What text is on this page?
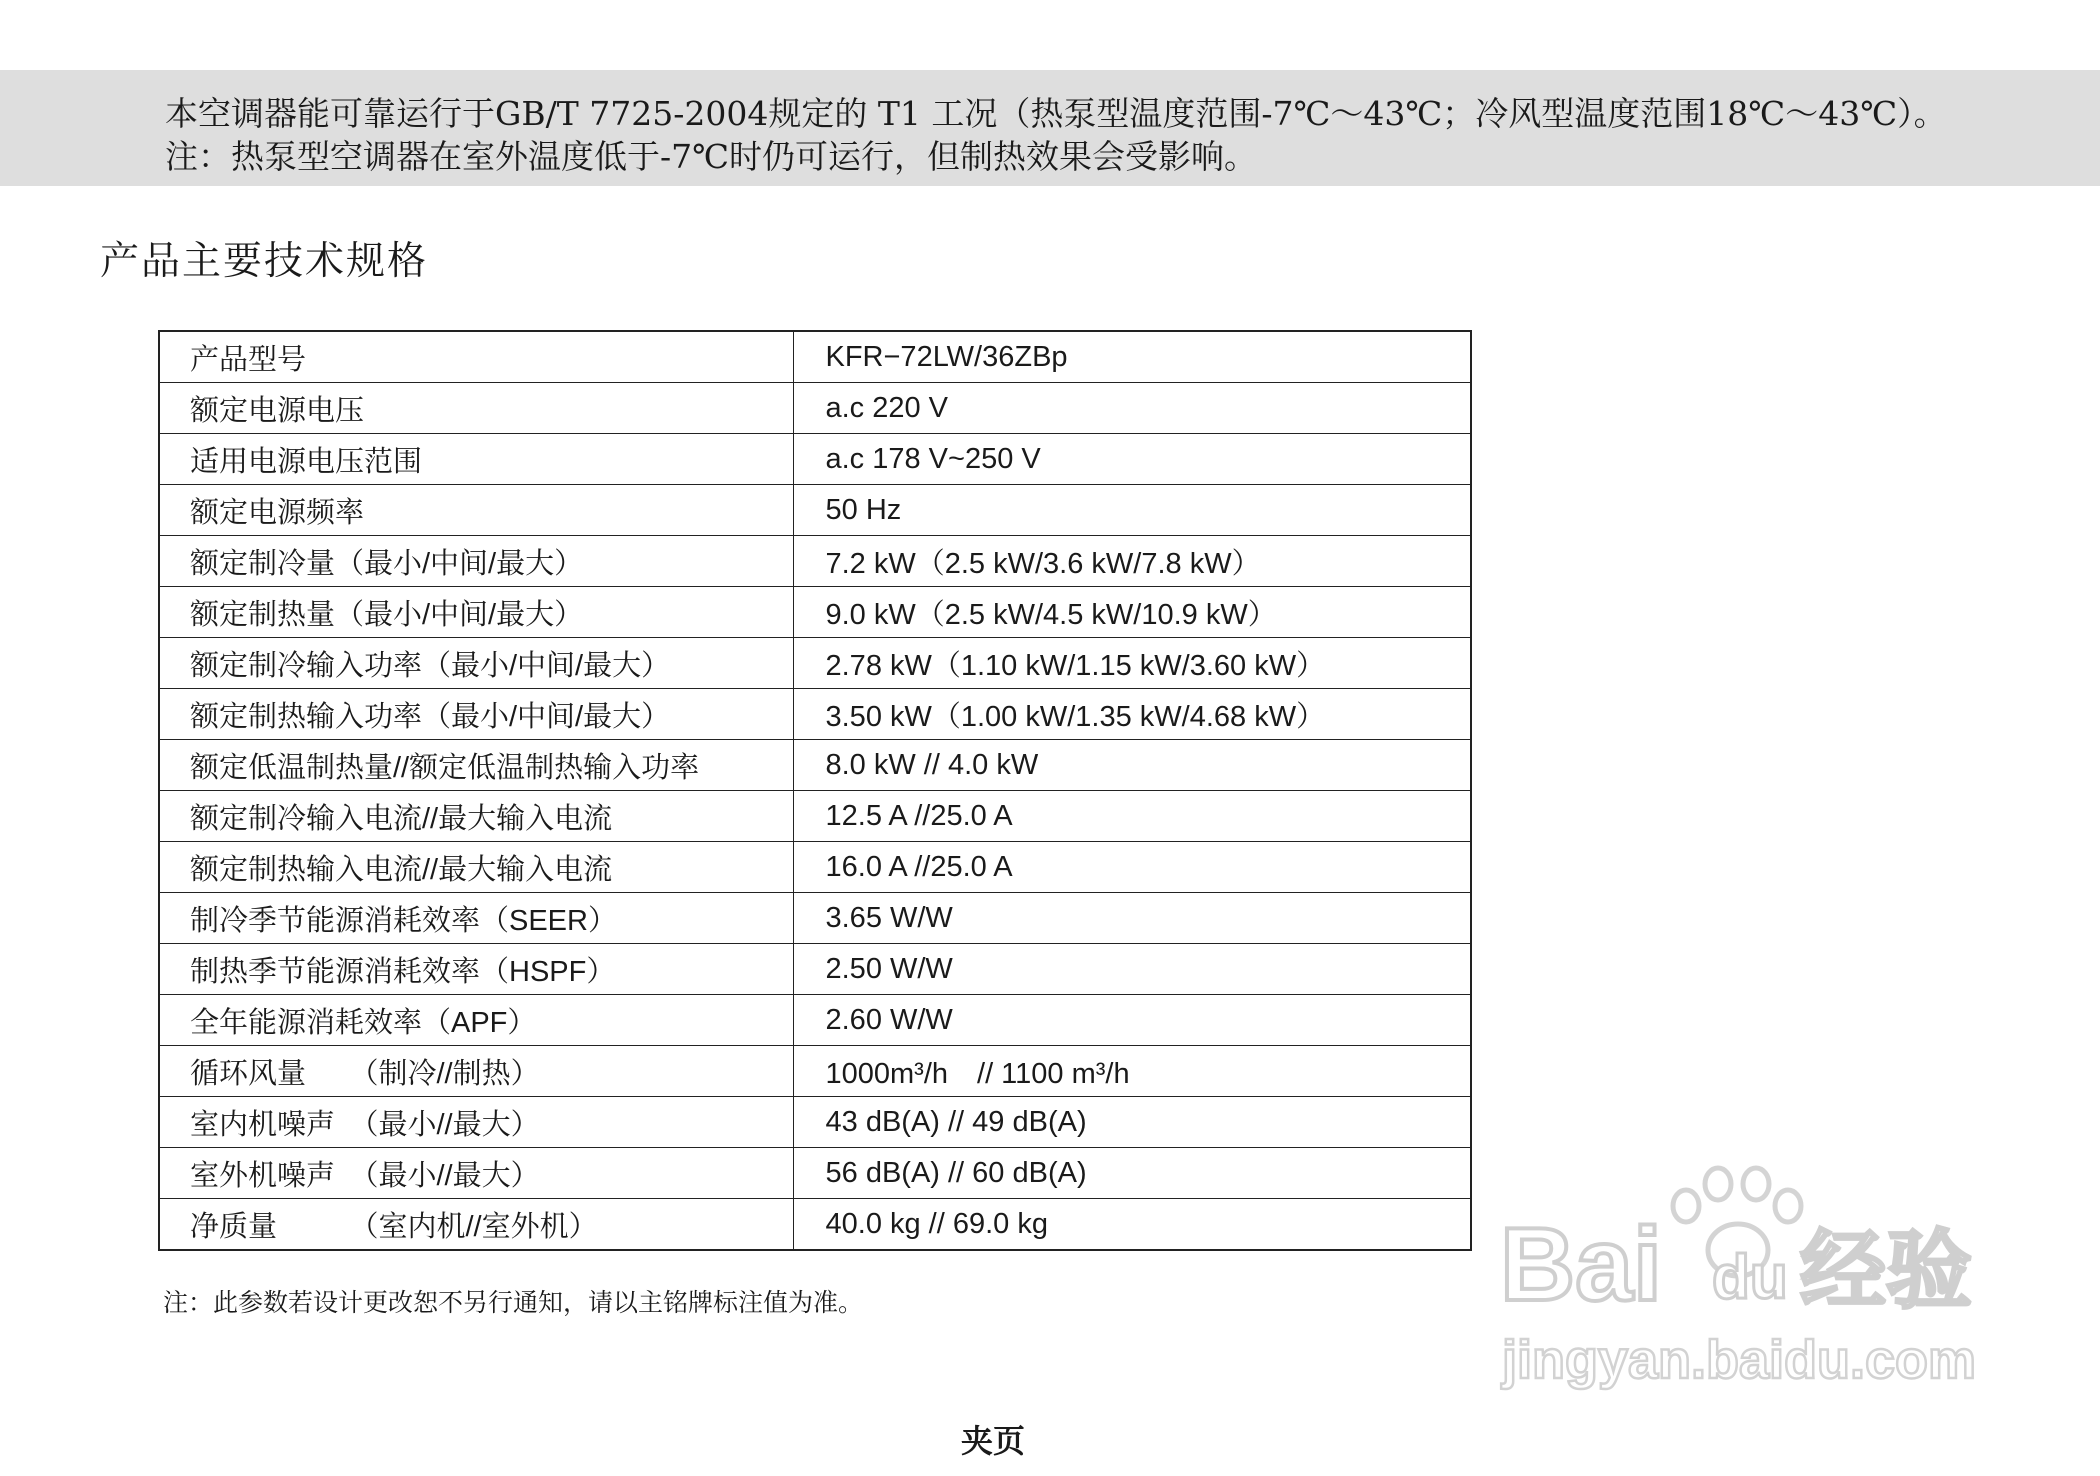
本空调器能可靠运行于GB/T 7725-2004规定的 T1 工况（热泵型温度范围-7℃～43℃；冷风型温度范围18℃～43℃）。
注：热泵型空调器在室外温度低于-7℃时仍可运行，但制热效果会受影响。
产品主要技术规格
产品型号	KFR−72LW/36ZBp
额定电源电压	a.c 220 V
适用电源电压范围	a.c 178 V~250 V
额定电源频率	50 Hz
额定制冷量（最小/中间/最大）	7.2 kW（2.5 kW/3.6 kW/7.8 kW）
额定制热量（最小/中间/最大）	9.0 kW（2.5 kW/4.5 kW/10.9 kW）
额定制冷输入功率（最小/中间/最大）	2.78 kW（1.10 kW/1.15 kW/3.60 kW）
额定制热输入功率（最小/中间/最大）	3.50 kW（1.00 kW/1.35 kW/4.68 kW）
额定低温制热量//额定低温制热输入功率	8.0 kW // 4.0 kW
额定制冷输入电流//最大输入电流	12.5 A //25.0 A
额定制热输入电流//最大输入电流	16.0 A //25.0 A
制冷季节能源消耗效率（SEER）	3.65 W/W
制热季节能源消耗效率（HSPF）	2.50 W/W
全年能源消耗效率（APF）	2.60 W/W
循环风量　　（制冷//制热）	1000m³/h　// 1100 m³/h
室内机噪声　（最小//最大）	43 dB(A) // 49 dB(A)
室外机噪声　（最小//最大）	56 dB(A) // 60 dB(A)
净质量　　　（室内机//室外机）	40.0 kg // 69.0 kg
注：此参数若设计更改恕不另行通知，请以主铭牌标注值为准。
夹页
Bai du 经验
jingyan.baidu.com
